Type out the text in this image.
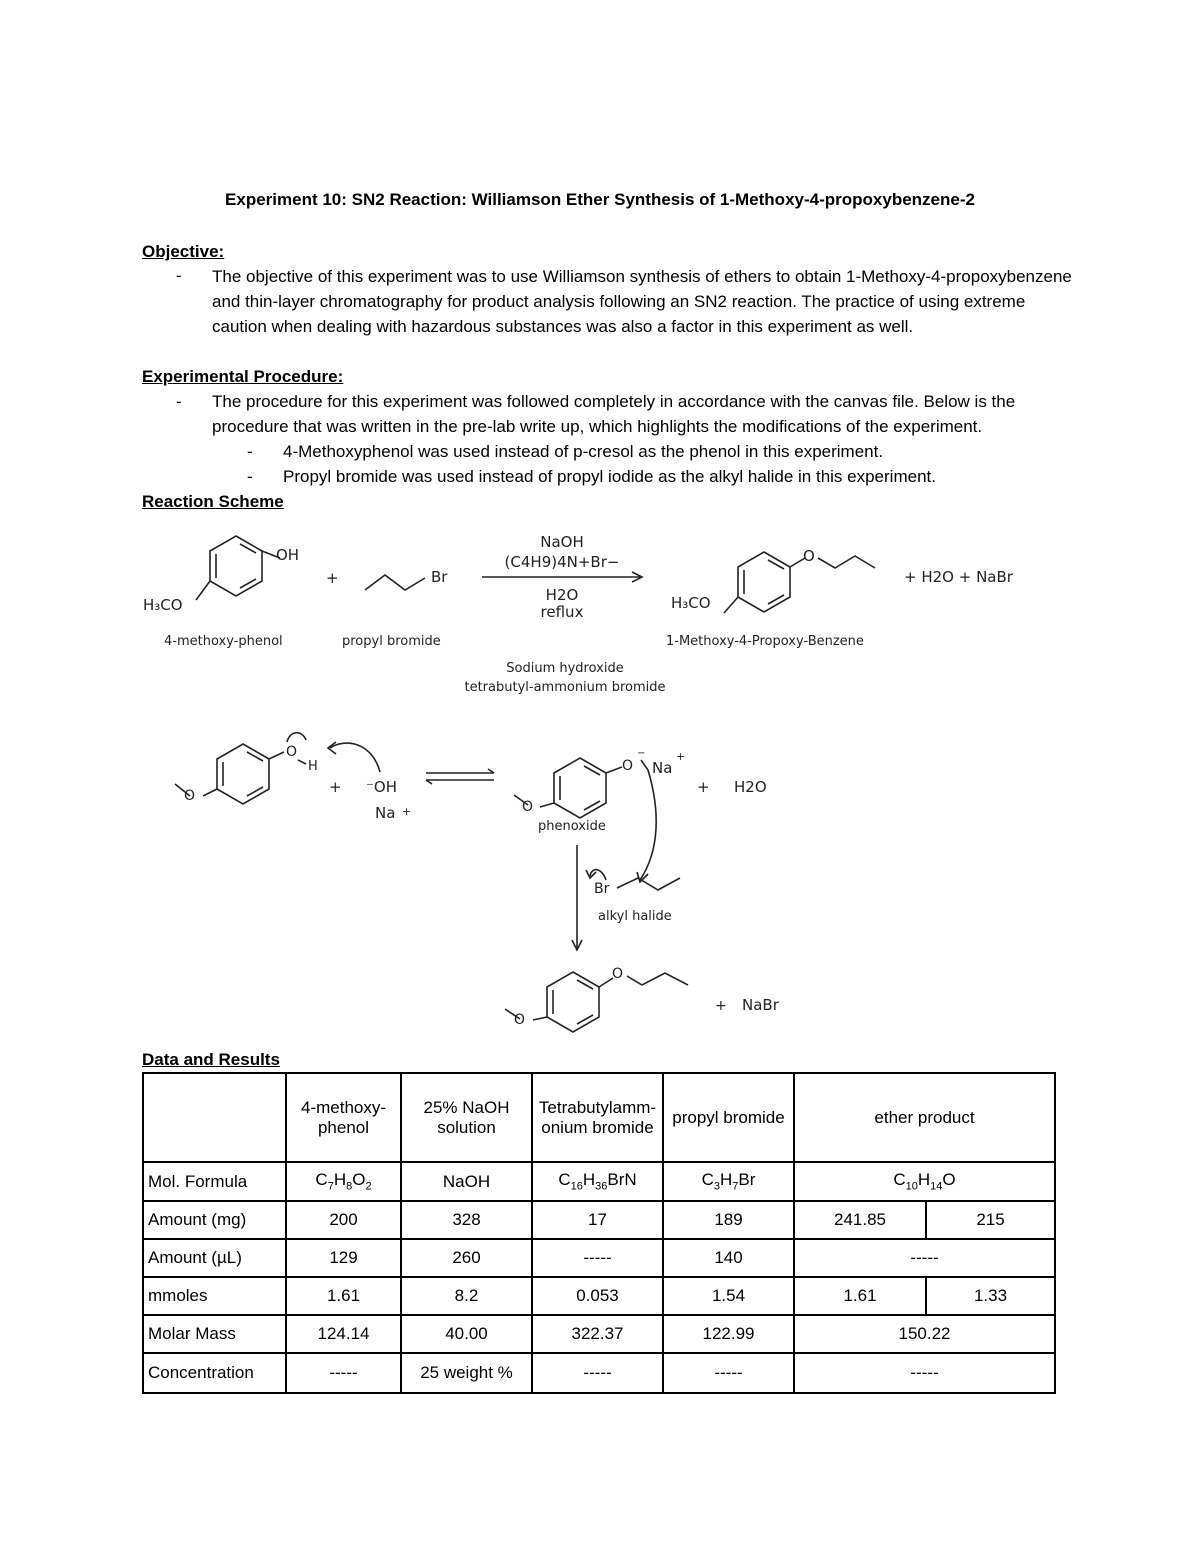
Experiment 10: SN2 Reaction: Williamson Ether Synthesis of 1-Methoxy-4-propoxybenzene-2
Objective:
- The objective of this experiment was to use Williamson synthesis of ethers to obtain 1-Methoxy-4-propoxybenzene and thin-layer chromatography for product analysis following an SN2 reaction. The practice of using extreme caution when dealing with hazardous substances was also a factor in this experiment as well.
Experimental Procedure:
- The procedure for this experiment was followed completely in accordance with the canvas file. Below is the procedure that was written in the pre-lab write up, which highlights the modifications of the experiment.
- 4-Methoxyphenol was used instead of p-cresol as the phenol in this experiment.
- Propyl bromide was used instead of propyl iodide as the alkyl halide in this experiment.
Reaction Scheme
OH
H₃CO
+	Br
NaOH
(C4H9)4N+Br−
H2O
reflux	H₃CO
O
+ H2O + NaBr
4-methoxy-phenol	propyl bromide	1-Methoxy-4-Propoxy-Benzene
Sodium hydroxide
tetrabutyl-ammonium bromide
O
H
O	+ ⁻OH
Na +
O
−
Na
+
O
phenoxide
+ H2O
Br
alkyl halide
O
O
+ NaBr
Data and Results
	4-methoxy-phenol	25% NaOH solution	Tetrabutylamm-onium bromide	propyl bromide	ether product	
Mol. Formula	$C_7H_8O_2$	NaOH	$C_{16}H_{36}BrN$	$C_3H_7Br$	$C_{10}H_{14}O$	
Amount (mg)	200	328	17	189	241.85	215
Amount (µL)	129	260	-----	140	-----	
mmoles	1.61	8.2	0.053	1.54	1.61	1.33
Molar Mass	124.14	40.00	322.37	122.99	150.22	
Concentration	-----	25 weight %	-----	-----	-----	
